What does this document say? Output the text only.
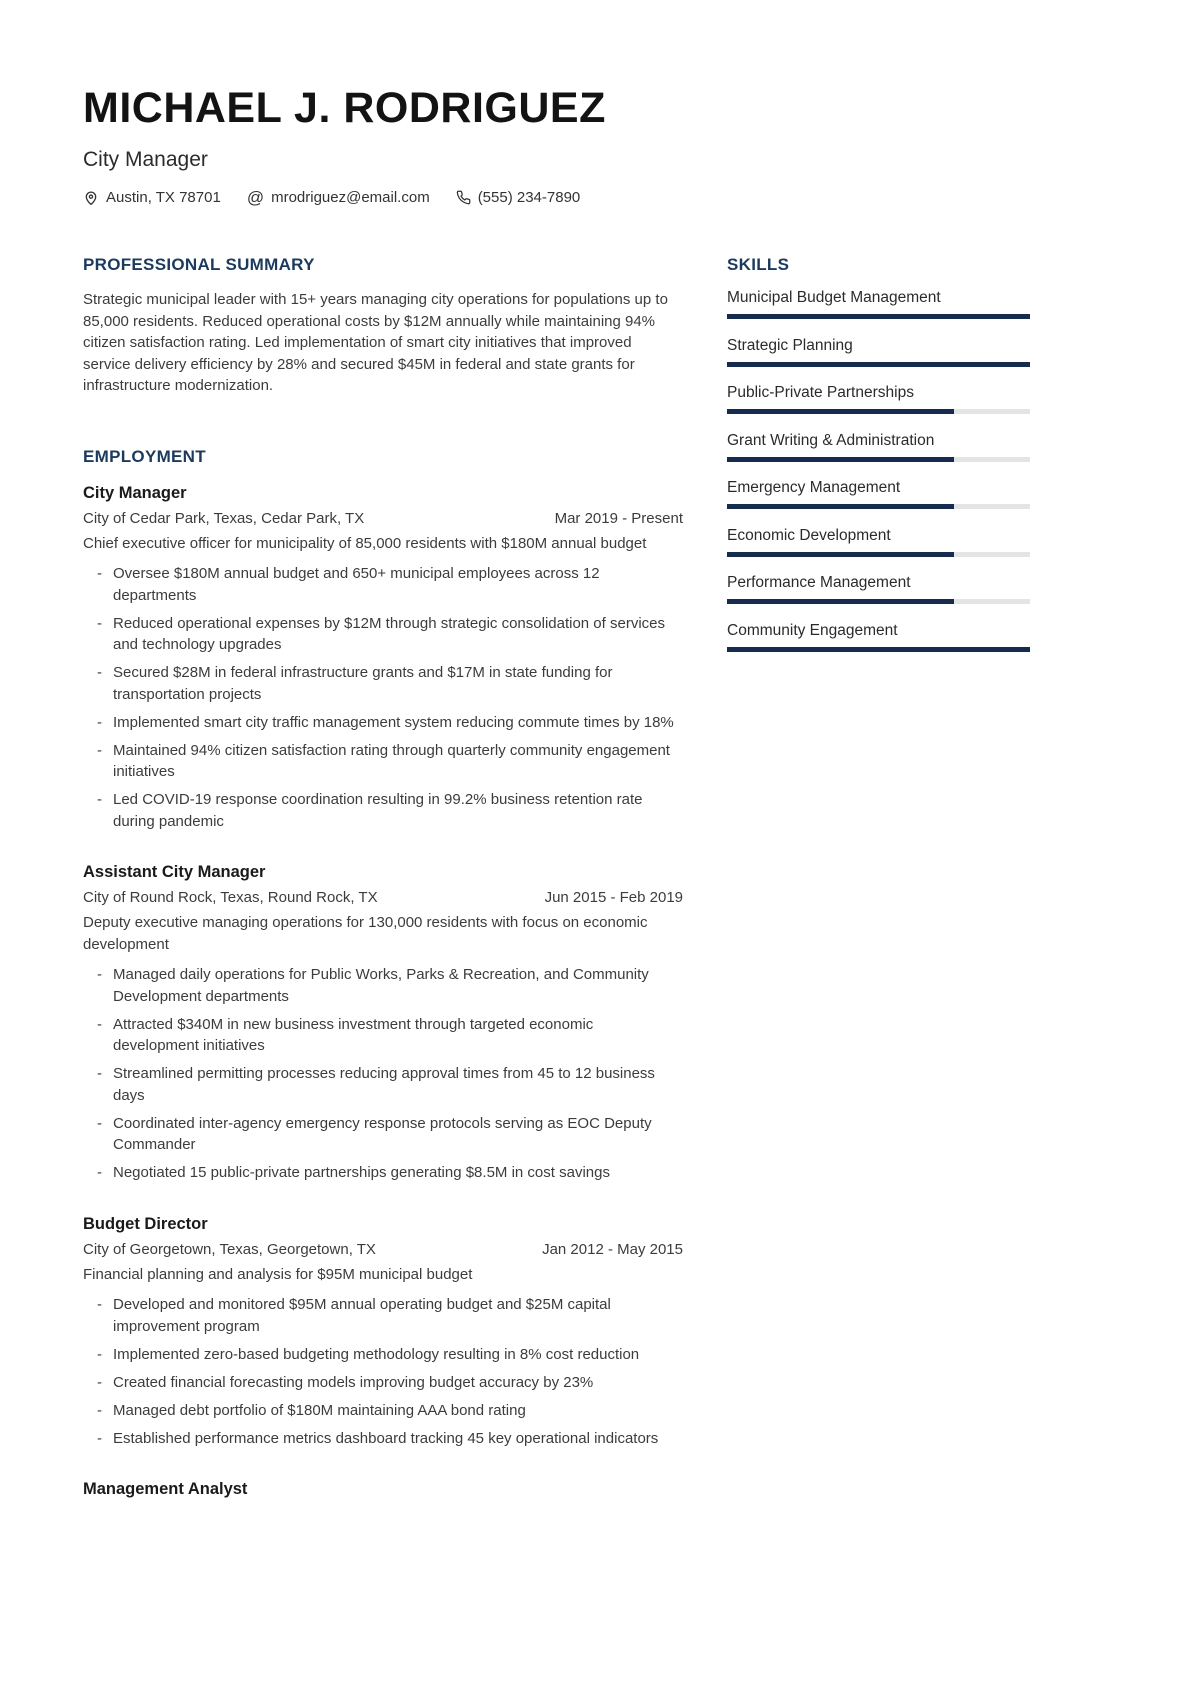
MICHAEL J. RODRIGUEZ
City Manager
Austin, TX 78701 @ mrodriguez@email.com	(555) 234-7890
PROFESSIONAL SUMMARY
Strategic municipal leader with 15+ years managing city operations for populations up to 85,000 residents. Reduced operational costs by $12M annually while maintaining 94% citizen satisfaction rating. Led implementation of smart city initiatives that improved service delivery efficiency by 28% and secured $45M in federal and state grants for infrastructure modernization.
EMPLOYMENT
City Manager
City of Cedar Park, Texas, Cedar Park, TX	Mar 2019 - Present
Chief executive officer for municipality of 85,000 residents with $180M annual budget
- Oversee $180M annual budget and 650+ municipal employees across 12 departments
- Reduced operational expenses by $12M through strategic consolidation of services and technology upgrades
- Secured $28M in federal infrastructure grants and $17M in state funding for transportation projects
- Implemented smart city traffic management system reducing commute times by 18%
- Maintained 94% citizen satisfaction rating through quarterly community engagement initiatives
- Led COVID-19 response coordination resulting in 99.2% business retention rate during pandemic
Assistant City Manager
City of Round Rock, Texas, Round Rock, TX	Jun 2015 - Feb 2019
Deputy executive managing operations for 130,000 residents with focus on economic development
- Managed daily operations for Public Works, Parks & Recreation, and Community Development departments
- Attracted $340M in new business investment through targeted economic development initiatives
- Streamlined permitting processes reducing approval times from 45 to 12 business days
- Coordinated inter-agency emergency response protocols serving as EOC Deputy Commander
- Negotiated 15 public-private partnerships generating $8.5M in cost savings
Budget Director
City of Georgetown, Texas, Georgetown, TX	Jan 2012 - May 2015
Financial planning and analysis for $95M municipal budget
- Developed and monitored $95M annual operating budget and $25M capital improvement program
- Implemented zero-based budgeting methodology resulting in 8% cost reduction
- Created financial forecasting models improving budget accuracy by 23%
- Managed debt portfolio of $180M maintaining AAA bond rating
- Established performance metrics dashboard tracking 45 key operational indicators
Management Analyst
SKILLS
Municipal Budget Management
Strategic Planning
Public-Private Partnerships
Grant Writing & Administration
Emergency Management
Economic Development
Performance Management
Community Engagement
